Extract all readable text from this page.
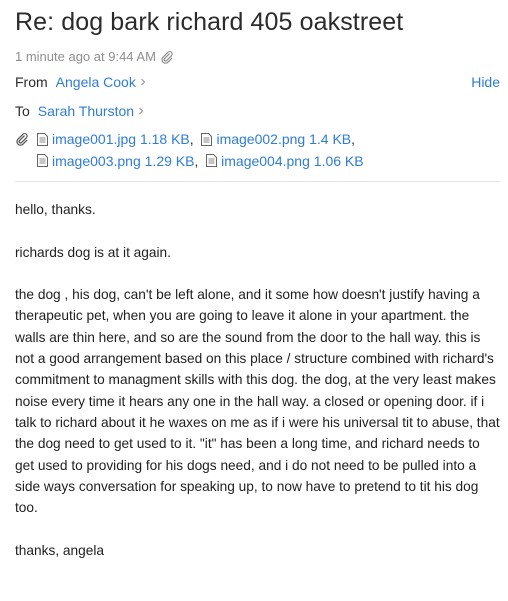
Re: dog bark richard 405 oakstreet
1 minute ago at 9:44 AM
From Angela Cook	Hide
To Sarah Thurston
image001.jpg
1.18 KB ,
image002.png
1.4 KB ,

image003.png
1.29 KB ,
image004.png
1.06 KB

hello, thanks.

richards dog is at it again.

the dog , his dog, can't be left alone, and it some how doesn't justify having a therapeutic pet, when you are going to leave it alone in your apartment. the walls are thin here, and so are the sound from the door to the hall way. this is not a good arrangement based on this place / structure combined with richard's commitment to managment skills with this dog. the dog, at the very least makes noise every time it hears any one in the hall way. a closed or opening door. if i talk to richard about it he waxes on me as if i were his universal tit to abuse, that the dog need to get used to it. "it" has been a long time, and richard needs to get used to providing for his dogs need, and i do not need to be pulled into a side ways conversation for speaking up, to now have to pretend to tit his dog too.

thanks, angela
